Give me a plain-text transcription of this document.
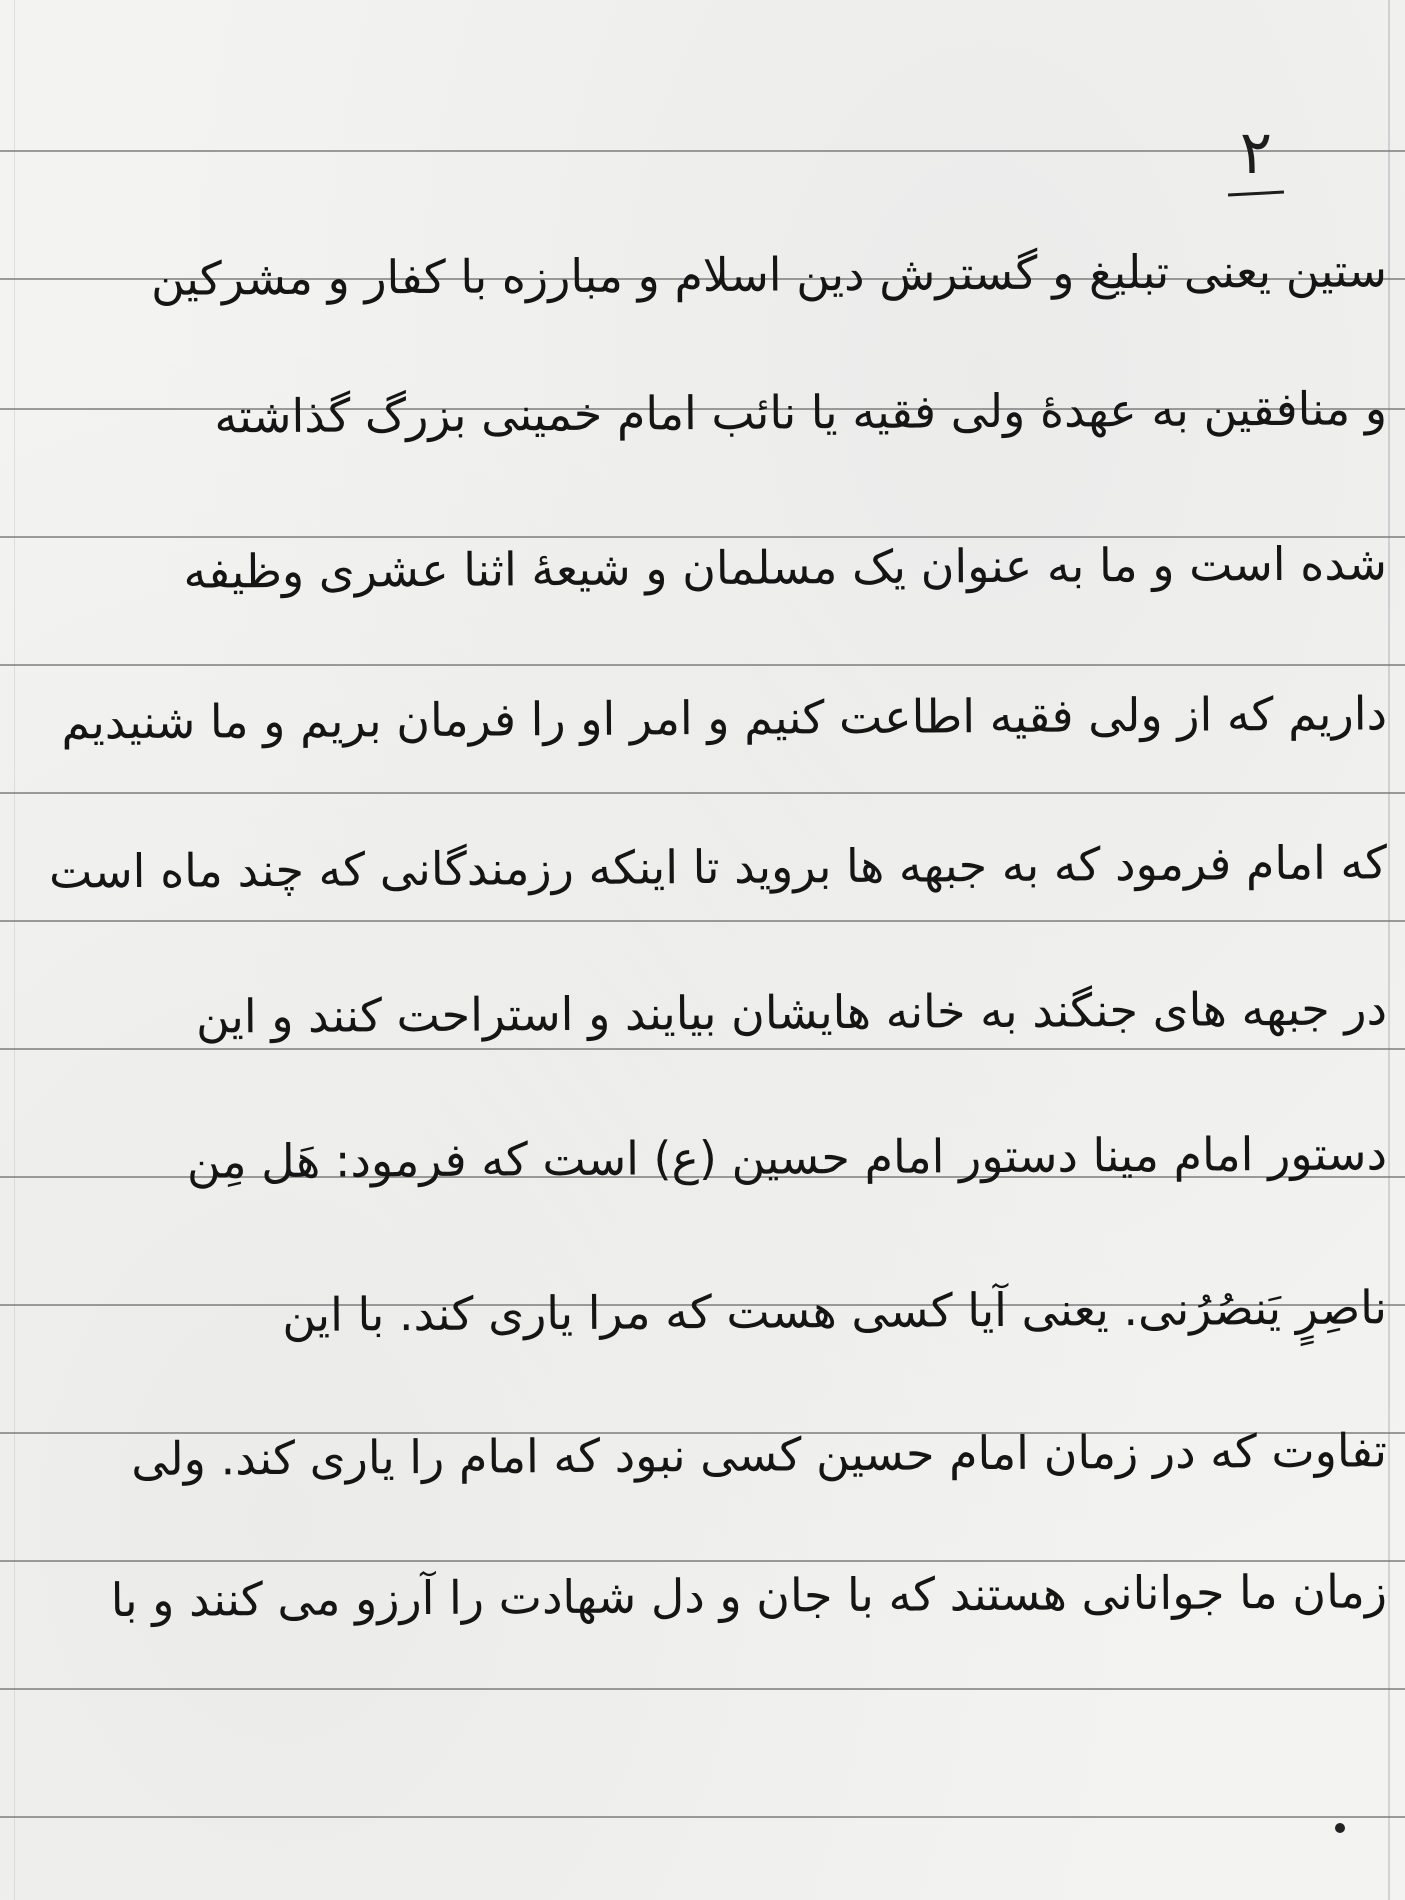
۲
ستین یعنی تبلیغ و گسترش دین اسلام و مبارزه با کفار و مشرکین
و منافقین به عهدهٔ ولی فقیه یا نائب امام خمینی بزرگ گذاشته
شده است و ما به عنوان یک مسلمان و شیعهٔ اثنا عشری وظیفه
داریم که از ولی فقیه اطاعت کنیم و امر او را فرمان بریم و ما شنیدیم
که امام فرمود که به جبهه ها بروید تا اینکه رزمندگانی که چند ماه است
در جبهه های جنگند به خانه هایشان بیایند و استراحت کنند و این
دستور امام مینا دستور امام حسین (ع) است که فرمود: هَل مِن
ناصِرٍ یَنصُرُنی. یعنی آیا کسی هست که مرا یاری کند. با این
تفاوت که در زمان امام حسین کسی نبود که امام را یاری کند. ولی
زمان ما جوانانی هستند که با جان و دل شهادت را آرزو می کنند و با
